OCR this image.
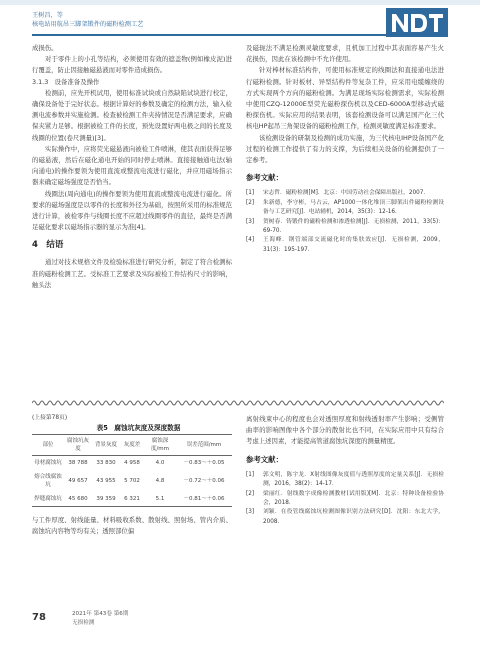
王树昌，等
核电站用航吊三脚架锻件的磁粉检测工艺

成损伤。

对于零件上的小孔等结构，必须使用有效的遮盖物(例如橡皮泥)进行覆盖，防止因接触磁悬液而对零件造成损伤。

3.1.3　设备准备及操作

检测前，应先开机试用，使用标准试块或自然缺陷试块进行校定，确保设备处于完好状态。根据计算好的参数及确定的检测方法，输入检测电流参数并实施检测。检查被检测工件夹持情况是否满足要求，应确保夹紧力足够。根据被检工件的长度，预先设置好两电极之间的长度及线圈的位置(卷尺测量)[3]。

实际操作中，应将荧光磁悬液向被检工件喷淋，使其表面获得足够的磁悬液，然后在磁化通电开始的同时停止喷淋。直接接触通电法(轴向通电)的操作要领为使用直流或整流电流进行磁化，并应用磁场指示器来确定磁场强度是否恰当。

线圈法(周向通电)的操作要领为使用直流或整流电流进行磁化。所要求的磁场强度是以零件的长度和外径为基础，按照所采用的标准规范进行计算，被检零件与线圈长度不应超过线圈零件的直径，最终是否满足磁化要求以磁场指示器的显示为准[4]。

4　结语

通过对技术规格文件及检验标准进行研究分析，制定了符合检测标准的磁粉检测工艺。受标准工艺要求及实际被检工件结构尺寸的影响，触头法

及磁轭法不满足检测灵敏度要求，且机加工过程中其表面容易产生火花损伤，因此在该检测中不允许使用。

针对棒材标准结构件，可使用标准规定的线圈法和直接通电法进行磁粉检测。针对板材、异型结构件等复杂工件，应采用电缆缠绕的方式实现两个方向的磁粉检测。为满足现场实际检测需求，实际检测中使用CZQ-12000E型荧光磁粉探伤机以及CED-6000A型移动式磁粉探伤机。实际应用的结果表明，该套检测设备可以满足国产化三代核电HP起吊三角架设备的磁粉检测工作，检测灵敏度满足标准要求。

该检测设备的研制及检测的成功实施，为三代核电IHP设备国产化过程的检测工作提供了有力的支撑，为后续相关设备的检测提供了一定参考。

参考文献：
[1]	宋志哲．磁粉检测[M]．北京：中国劳动社会保障出版社，2007．
[2]	朱新德，李守彬，马占云，AP1000一体化堆顶三脚架出件磁粉检测设备与工艺研究[J]．电站辅机，2014，35(3)：12-16．
[3]	贺树春．铸锻件的磁粉检测和渗透检测[J]．无损检测，2011，33(5)：69-70．
[4]	王海峰．钢管端部交流磁化时的集肤效应[J]．无损检测，2009，31(3)：195-197．

(上接第78页)

表5　腐蚀坑灰度及深度数据

部位	腐蚀坑灰度	背景灰度	灰度差	腐蚀深度/mm	误差范围/mm
母材腐蚀坑	38 788	33 830	4 958	4.0	－0.83～＋0.05
熔合线腐蚀坑	49 657	43 955	5 702	4.8	－0.72～＋0.06
焊缝腐蚀坑	45 680	39 359	6 321	5.1	－0.81～＋0.06

与工件厚度、射线能量、材料吸收系数、散射线、照射场、管内介质、腐蚀坑内容物等均有关；透照部位偏

离射线束中心的程度也会对透照厚度和射线透射率产生影响；受侧管曲率的影响图像中各个部分的散射比也不同，在实际应用中只有综合考虑上述因素，才能提高管道腐蚀坑深度的测量精度。

参考文献：
[1]	郭文明，陈宇龙．X射线图像灰度值与透照厚度的定量关系[J]．无损检测，2016，38(2)：14-17．
[2]	梁丽红．射线数字成像检测教材(试用版)[M]．北京：特种设备检验协会，2018．
[3]	刘颖．在役管线腐蚀坑检测图像识别方法研究[D]．沈阳：东北大学，2008．
78	2021年 第43卷 第6期
无损检测
